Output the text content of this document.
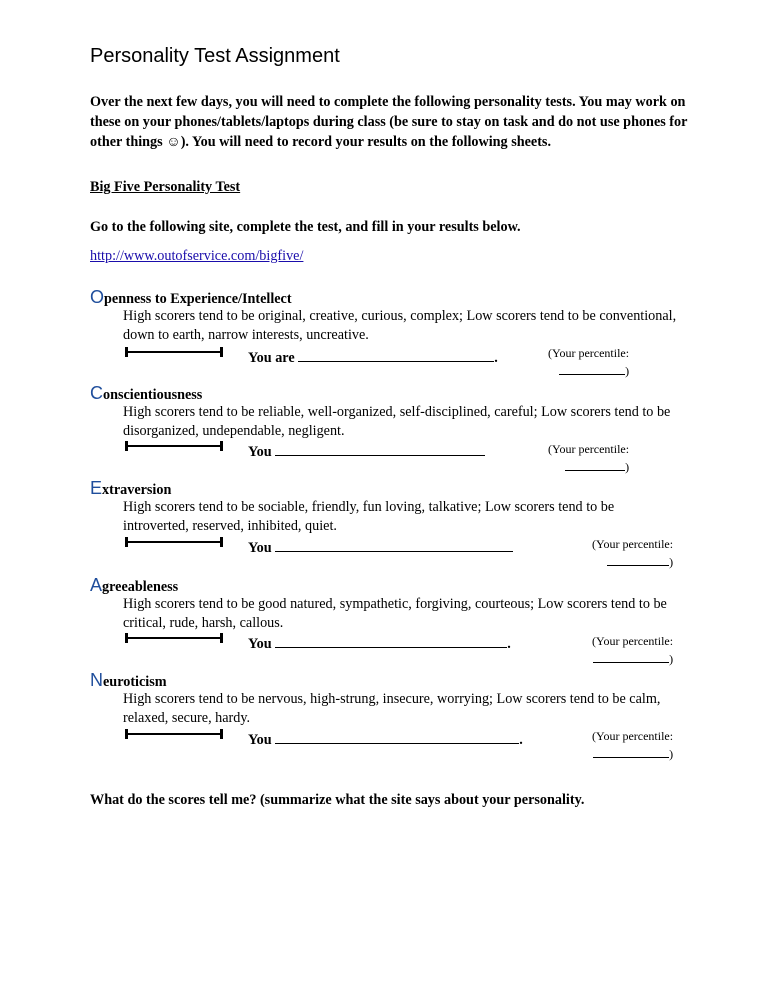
Personality Test Assignment
Over the next few days, you will need to complete the following personality tests. You may work on these on your phones/tablets/laptops during class (be sure to stay on task and do not use phones for other things ☺). You will need to record your results on the following sheets.
Big Five Personality Test
Go to the following site, complete the test, and fill in your results below.
http://www.outofservice.com/bigfive/
Openness to Experience/Intellect
High scorers tend to be original, creative, curious, complex; Low scorers tend to be conventional, down to earth, narrow interests, uncreative.
You are	.	(Your percentile:
)
Conscientiousness
High scorers tend to be reliable, well-organized, self-disciplined, careful; Low scorers tend to be disorganized, undependable, negligent.
You	(Your percentile:
)
Extraversion
High scorers tend to be sociable, friendly, fun loving, talkative; Low scorers tend to be introverted, reserved, inhibited, quiet.
You	(Your percentile:
)
Agreeableness
High scorers tend to be good natured, sympathetic, forgiving, courteous; Low scorers tend to be critical, rude, harsh, callous.
You	.	(Your percentile:
)
Neuroticism
High scorers tend to be nervous, high-strung, insecure, worrying; Low scorers tend to be calm, relaxed, secure, hardy.
You	.	(Your percentile:
)
What do the scores tell me? (summarize what the site says about your personality.
